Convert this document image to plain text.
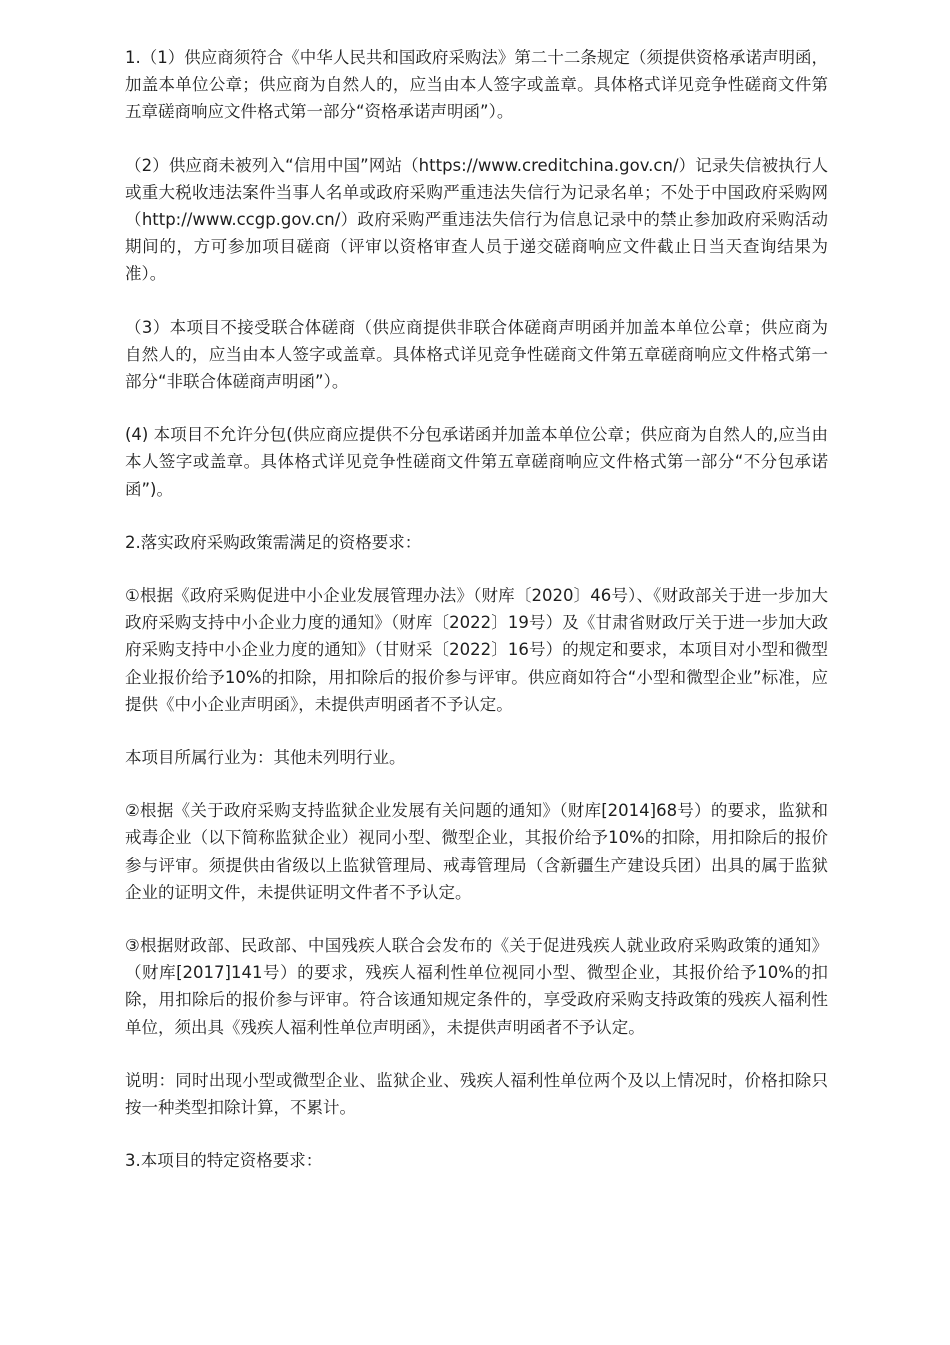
1.（1）供应商须符合《中华人民共和国政府采购法》第二十二条规定（须提供资格承诺声明函，加盖本单位公章；供应商为自然人的，应当由本人签字或盖章。具体格式详见竞争性磋商文件第五章磋商响应文件格式第一部分“资格承诺声明函”）。

（2）供应商未被列入“信用中国”网站（https://www.creditchina.gov.cn/）记录失信被执行人或重大税收违法案件当事人名单或政府采购严重违法失信行为记录名单；不处于中国政府采购网（http://www.ccgp.gov.cn/）政府采购严重违法失信行为信息记录中的禁止参加政府采购活动期间的，方可参加项目磋商（评审以资格审查人员于递交磋商响应文件截止日当天查询结果为准）。

（3）本项目不接受联合体磋商（供应商提供非联合体磋商声明函并加盖本单位公章；供应商为自然人的，应当由本人签字或盖章。具体格式详见竞争性磋商文件第五章磋商响应文件格式第一部分“非联合体磋商声明函”）。

(4) 本项目不允许分包(供应商应提供不分包承诺函并加盖本单位公章；供应商为自然人的,应当由本人签字或盖章。具体格式详见竞争性磋商文件第五章磋商响应文件格式第一部分“不分包承诺函”)。

2.落实政府采购政策需满足的资格要求：

①根据《政府采购促进中小企业发展管理办法》（财库〔2020〕46号）、《财政部关于进一步加大政府采购支持中小企业力度的通知》（财库〔2022〕19号）及《甘肃省财政厅关于进一步加大政府采购支持中小企业力度的通知》（甘财采〔2022〕16号）的规定和要求，本项目对小型和微型企业报价给予10%的扣除，用扣除后的报价参与评审。供应商如符合“小型和微型企业”标准，应提供《中小企业声明函》，未提供声明函者不予认定。

本项目所属行业为：其他未列明行业。

②根据《关于政府采购支持监狱企业发展有关问题的通知》（财库[2014]68号）的要求，监狱和戒毒企业（以下简称监狱企业）视同小型、微型企业，其报价给予10%的扣除，用扣除后的报价参与评审。须提供由省级以上监狱管理局、戒毒管理局（含新疆生产建设兵团）出具的属于监狱企业的证明文件，未提供证明文件者不予认定。

③根据财政部、民政部、中国残疾人联合会发布的《关于促进残疾人就业政府采购政策的通知》（财库[2017]141号）的要求，残疾人福利性单位视同小型、微型企业，其报价给予10%的扣除，用扣除后的报价参与评审。符合该通知规定条件的，享受政府采购支持政策的残疾人福利性单位，须出具《残疾人福利性单位声明函》，未提供声明函者不予认定。

说明：同时出现小型或微型企业、监狱企业、残疾人福利性单位两个及以上情况时，价格扣除只按一种类型扣除计算，不累计。

3.本项目的特定资格要求：
